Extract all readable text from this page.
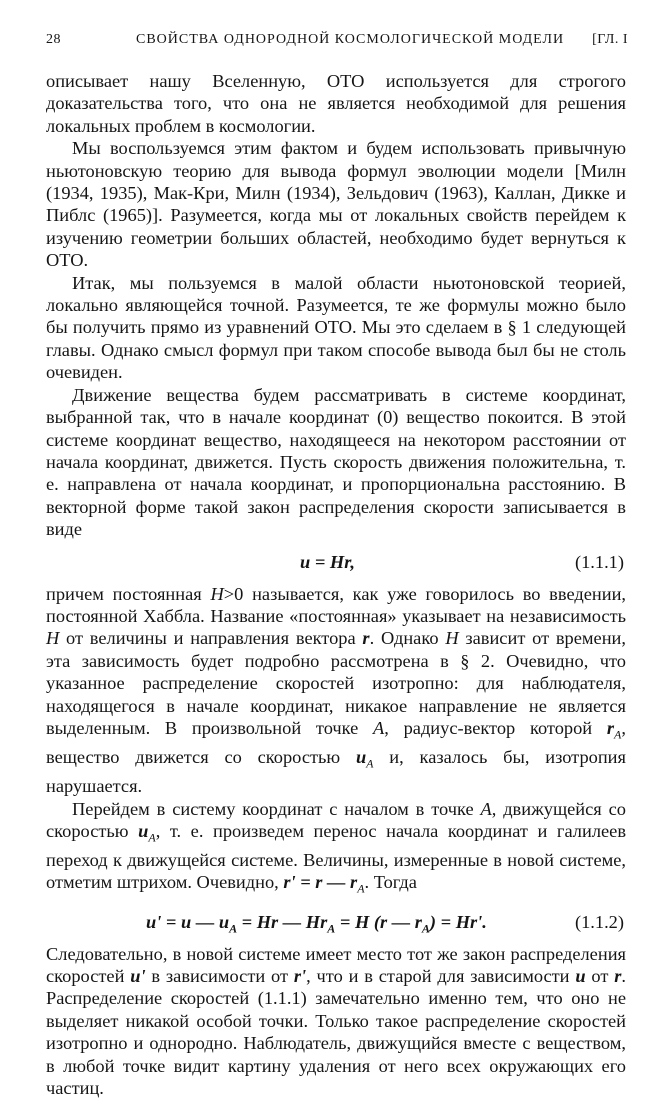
28	СВОЙСТВА ОДНОРОДНОЙ КОСМОЛОГИЧЕСКОЙ МОДЕЛИ [ГЛ. I

описывает нашу Вселенную, ОТО используется для строгого доказательства того, что она не является необходимой для решения локальных проблем в космологии.

Мы воспользуемся этим фактом и будем использовать привычную ньютоновскую теорию для вывода формул эволюции модели [Милн (1934, 1935), Мак-Кри, Милн (1934), Зельдович (1963), Каллан, Дикке и Пиблс (1965)]. Разумеется, когда мы от локальных свойств перейдем к изучению геометрии больших областей, необходимо будет вернуться к ОТО.

Итак, мы пользуемся в малой области ньютоновской теорией, локально являющейся точной. Разумеется, те же формулы можно было бы получить прямо из уравнений ОТО. Мы это сделаем в § 1 следующей главы. Однако смысл формул при таком способе вывода был бы не столь очевиден.

Движение вещества будем рассматривать в системе координат, выбранной так, что в начале координат (0) вещество покоится. В этой системе координат вещество, находящееся на некотором расстоянии от начала координат, движется. Пусть скорость движения положительна, т. е. направлена от начала координат, и пропорциональна расстоянию. В векторной форме такой закон распределения скорости записывается в виде

u = Hr,	(1.1.1)

причем постоянная H>0 называется, как уже говорилось во введении, постоянной Хаббла. Название «постоянная» указывает на независимость H от величины и направления вектора r. Однако H зависит от времени, эта зависимость будет подробно рассмотрена в § 2. Очевидно, что указанное распределение скоростей изотропно: для наблюдателя, находящегося в начале координат, никакое направление не является выделенным. В произвольной точке A, радиус-вектор которой $r_A$, вещество движется со скоростью $u_A$ и, казалось бы, изотропия нарушается.

Перейдем в систему координат с началом в точке A, движущейся со скоростью $u_A$, т. е. произведем перенос начала координат и галилеев переход к движущейся системе. Величины, измеренные в новой системе, отметим штрихом. Очевидно, r' = r — $r_A$. Тогда

u' = u — $u_A = Hr$ — $Hr_A = H$ (r — $r_A) = Hr'$.	(1.1.2)

Следовательно, в новой системе имеет место тот же закон распределения скоростей u' в зависимости от r', что и в старой для зависимости u от r. Распределение скоростей (1.1.1) замечательно именно тем, что оно не выделяет никакой особой точки. Только такое распределение скоростей изотропно и однородно. Наблюдатель, движущийся вместе с веществом, в любой точке видит картину удаления от него всех окружающих его частиц.
